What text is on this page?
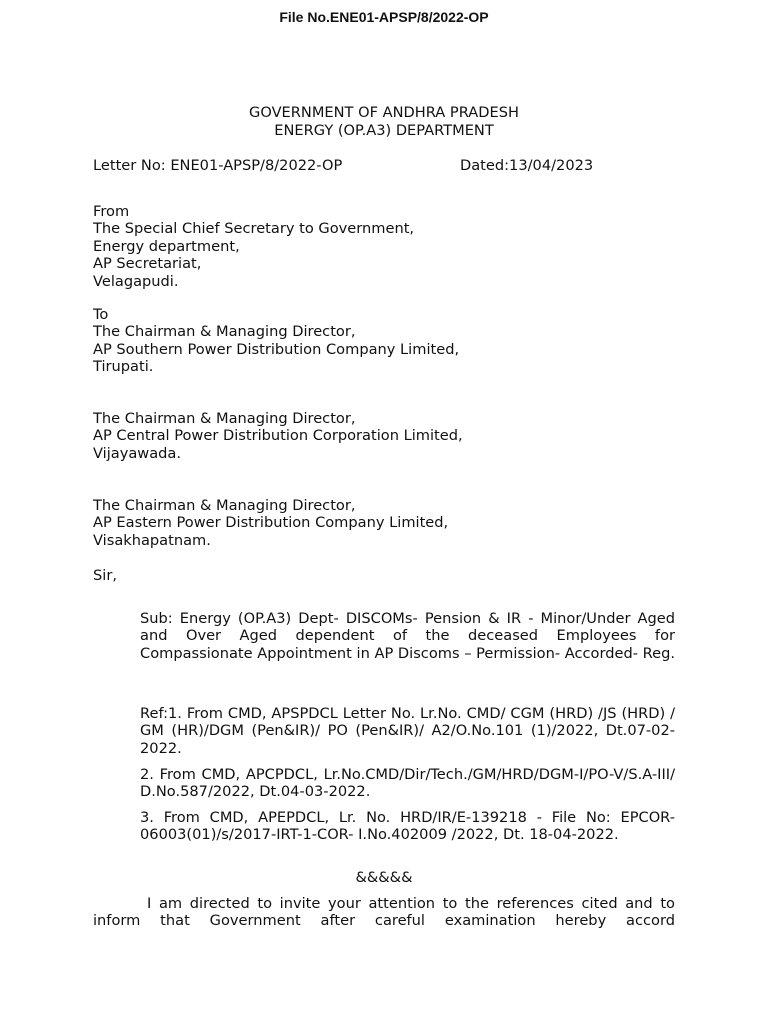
File No.ENE01-APSP/8/2022-OP
GOVERNMENT OF ANDHRA PRADESH
ENERGY (OP.A3) DEPARTMENT
Letter No: ENE01-APSP/8/2022-OP	Dated:13/04/2023
From
The Special Chief Secretary to Government,
Energy department,
AP Secretariat,
Velagapudi.
To
The Chairman & Managing Director,
AP Southern Power Distribution Company Limited,
Tirupati.
The Chairman & Managing Director,
AP Central Power Distribution Corporation Limited,
Vijayawada.
The Chairman & Managing Director,
AP Eastern Power Distribution Company Limited,
Visakhapatnam.
Sir,
Sub: Energy (OP.A3) Dept- DISCOMs- Pension & IR - Minor/Under Aged and Over Aged dependent of the deceased Employees for Compassionate Appointment in AP Discoms – Permission- Accorded- Reg.
Ref:1. From CMD, APSPDCL Letter No. Lr.No. CMD/ CGM (HRD) /JS (HRD) / GM (HR)/DGM (Pen&IR)/ PO (Pen&IR)/ A2/O.No.101 (1)/2022, Dt.07-02-2022.
2. From CMD, APCPDCL, Lr.No.CMD/Dir/Tech./GM/HRD/DGM-I/PO-V/S.A-III/ D.No.587/2022, Dt.04-03-2022.
3. From CMD, APEPDCL, Lr. No. HRD/IR/E-139218 - File No: EPCOR-06003(01)/s/2017-IRT-1-COR- I.No.402009 /2022, Dt. 18-04-2022.
&&&&&
I am directed to invite your attention to the references cited and to
inform that Government after careful examination hereby accord
